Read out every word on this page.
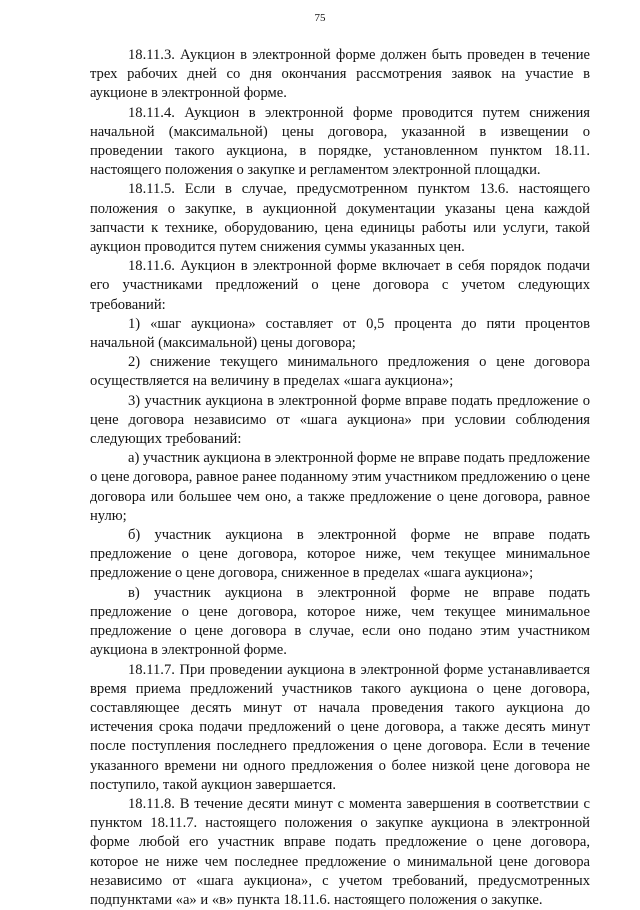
75

18.11.3. Аукцион в электронной форме должен быть проведен в течение трех рабочих дней со дня окончания рассмотрения заявок на участие в аукционе в электронной форме.

18.11.4. Аукцион в электронной форме проводится путем снижения начальной (максимальной) цены договора, указанной в извещении о проведении такого аукциона, в порядке, установленном пунктом 18.11. настоящего положения о закупке и регламентом электронной площадки.

18.11.5. Если в случае, предусмотренном пунктом 13.6. настоящего положения о закупке, в аукционной документации указаны цена каждой запчасти к технике, оборудованию, цена единицы работы или услуги, такой аукцион проводится путем снижения суммы указанных цен.

18.11.6. Аукцион в электронной форме включает в себя порядок подачи его участниками предложений о цене договора с учетом следующих требований:

1) «шаг аукциона» составляет от 0,5 процента до пяти процентов начальной (максимальной) цены договора;

2) снижение текущего минимального предложения о цене договора осуществляется на величину в пределах «шага аукциона»;

3) участник аукциона в электронной форме вправе подать предложение о цене договора независимо от «шага аукциона» при условии соблюдения следующих требований:

а) участник аукциона в электронной форме не вправе подать предложение о цене договора, равное ранее поданному этим участником предложению о цене договора или большее чем оно, а также предложение о цене договора, равное нулю;

б) участник аукциона в электронной форме не вправе подать предложение о цене договора, которое ниже, чем текущее минимальное предложение о цене договора, сниженное в пределах «шага аукциона»;

в) участник аукциона в электронной форме не вправе подать предложение о цене договора, которое ниже, чем текущее минимальное предложение о цене договора в случае, если оно подано этим участником аукциона в электронной форме.

18.11.7. При проведении аукциона в электронной форме устанавливается время приема предложений участников такого аукциона о цене договора, составляющее десять минут от начала проведения такого аукциона до истечения срока подачи предложений о цене договора, а также десять минут после поступления последнего предложения о цене договора. Если в течение указанного времени ни одного предложения о более низкой цене договора не поступило, такой аукцион завершается.

18.11.8. В течение десяти минут с момента завершения в соответствии с пунктом 18.11.7. настоящего положения о закупке аукциона в электронной форме любой его участник вправе подать предложение о цене договора, которое не ниже чем последнее предложение о минимальной цене договора независимо от «шага аукциона», с учетом требований, предусмотренных подпунктами «а» и «в» пункта 18.11.6. настоящего положения о закупке.
